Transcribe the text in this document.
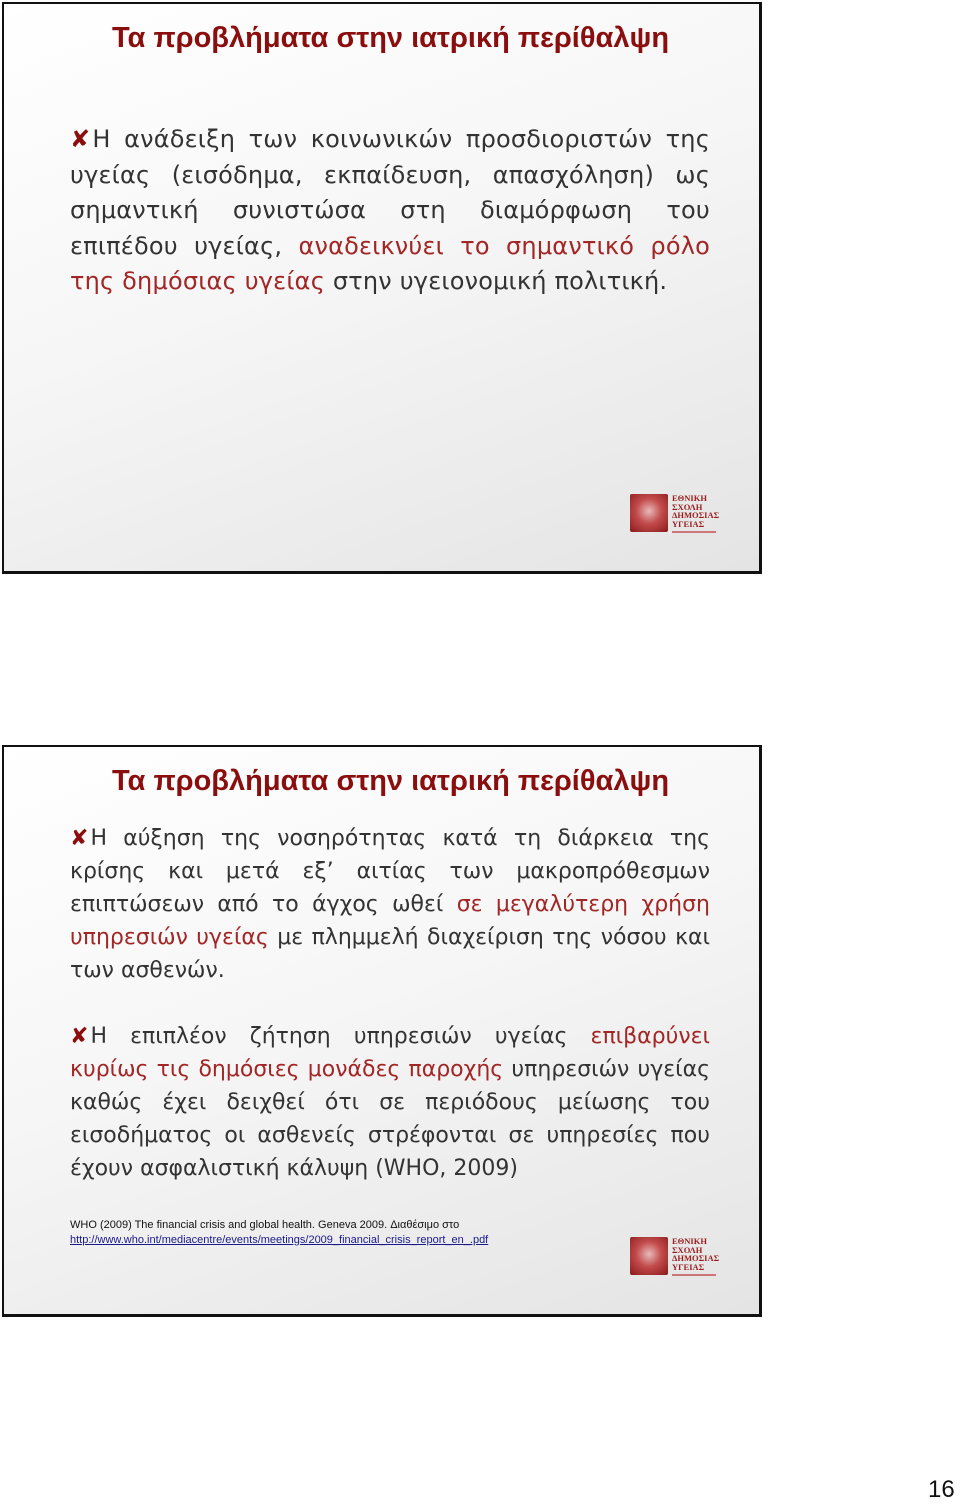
Τα προβλήματα στην ιατρική περίθαλψη

✘Η ανάδειξη των κοινωνικών προσδιοριστών της υγείας (εισόδημα, εκπαίδευση, απασχόληση) ως σημαντική συνιστώσα στη διαμόρφωση του επιπέδου υγείας, αναδεικνύει το σημαντικό ρόλο της δημόσιας υγείας στην υγειονομική πολιτική.

ΕΘΝΙΚΗ
ΣΧΟΛΗ
ΔΗΜΟΣΙΑΣ
ΥΓΕΙΑΣ
Τα προβλήματα στην ιατρική περίθαλψη

✘Η αύξηση της νοσηρότητας κατά τη διάρκεια της κρίσης και μετά εξ’ αιτίας των μακροπρόθεσμων επιπτώσεων από το άγχος ωθεί σε μεγαλύτερη χρήση υπηρεσιών υγείας με πλημμελή διαχείριση της νόσου και των ασθενών.

✘Η επιπλέον ζήτηση υπηρεσιών υγείας επιβαρύνει κυρίως τις δημόσιες μονάδες παροχής υπηρεσιών υγείας καθώς έχει δειχθεί ότι σε περιόδους μείωσης του εισοδήματος οι ασθενείς στρέφονται σε υπηρεσίες που έχουν ασφαλιστική κάλυψη (WHO, 2009)

WHO (2009) The financial crisis and global health. Geneva 2009. Διαθέσιμο στο
http://www.who.int/mediacentre/events/meetings/2009_financial_crisis_report_en_.pdf	ΕΘΝΙΚΗ
ΣΧΟΛΗ
ΔΗΜΟΣΙΑΣ
ΥΓΕΙΑΣ
16
